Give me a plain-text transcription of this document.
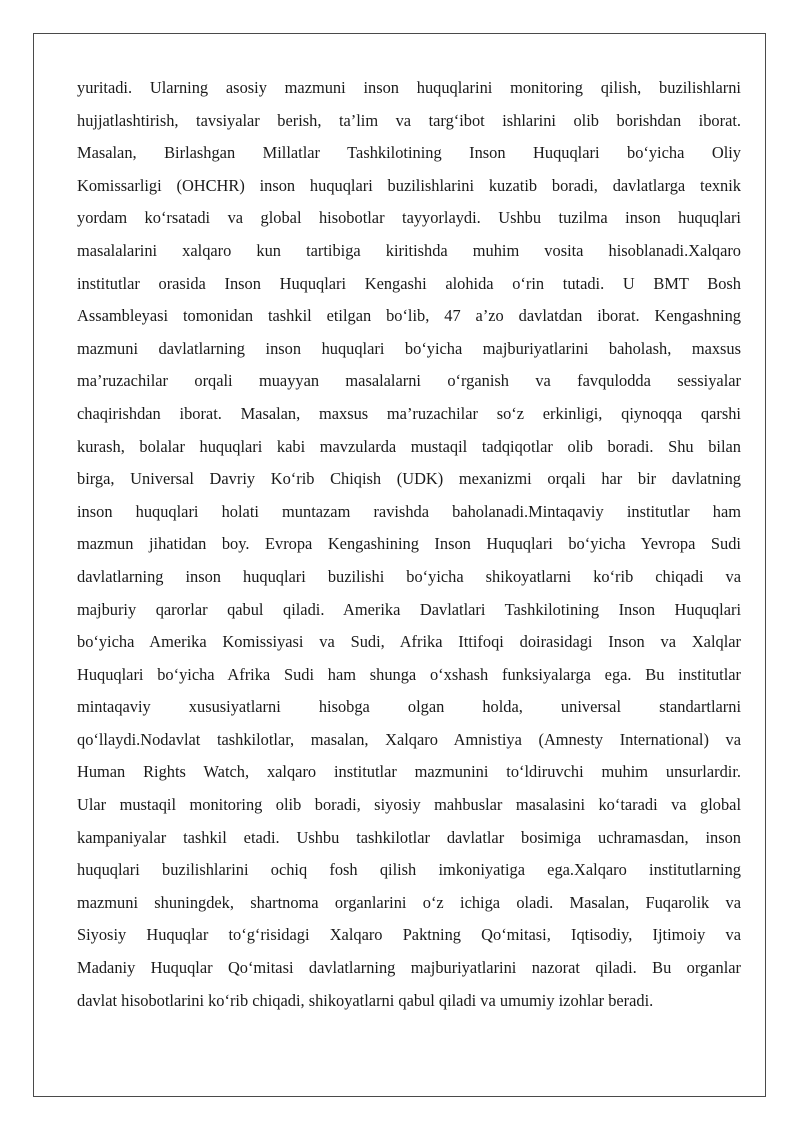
yuritadi. Ularning asosiy mazmuni inson huquqlarini monitoring qilish, buzilishlarni
hujjatlashtirish, tavsiyalar berish, ta’lim va targ‘ibot ishlarini olib borishdan iborat.
Masalan, Birlashgan Millatlar Tashkilotining Inson Huquqlari bo‘yicha Oliy
Komissarligi (OHCHR) inson huquqlari buzilishlarini kuzatib boradi, davlatlarga texnik
yordam ko‘rsatadi va global hisobotlar tayyorlaydi. Ushbu tuzilma inson huquqlari
masalalarini xalqaro kun tartibiga kiritishda muhim vosita hisoblanadi.Xalqaro
institutlar orasida Inson Huquqlari Kengashi alohida o‘rin tutadi. U BMT Bosh
Assambleyasi tomonidan tashkil etilgan bo‘lib, 47 a’zo davlatdan iborat. Kengashning
mazmuni davlatlarning inson huquqlari bo‘yicha majburiyatlarini baholash, maxsus
ma’ruzachilar orqali muayyan masalalarni o‘rganish va favqulodda sessiyalar
chaqirishdan iborat. Masalan, maxsus ma’ruzachilar so‘z erkinligi, qiynoqqa qarshi
kurash, bolalar huquqlari kabi mavzularda mustaqil tadqiqotlar olib boradi. Shu bilan
birga, Universal Davriy Ko‘rib Chiqish (UDK) mexanizmi orqali har bir davlatning
inson huquqlari holati muntazam ravishda baholanadi.Mintaqaviy institutlar ham
mazmun jihatidan boy. Evropa Kengashining Inson Huquqlari bo‘yicha Yevropa Sudi
davlatlarning inson huquqlari buzilishi bo‘yicha shikoyatlarni ko‘rib chiqadi va
majburiy qarorlar qabul qiladi. Amerika Davlatlari Tashkilotining Inson Huquqlari
bo‘yicha Amerika Komissiyasi va Sudi, Afrika Ittifoqi doirasidagi Inson va Xalqlar
Huquqlari bo‘yicha Afrika Sudi ham shunga o‘xshash funksiyalarga ega. Bu institutlar
mintaqaviy xususiyatlarni hisobga olgan holda, universal standartlarni
qo‘llaydi.Nodavlat tashkilotlar, masalan, Xalqaro Amnistiya (Amnesty International) va
Human Rights Watch, xalqaro institutlar mazmunini to‘ldiruvchi muhim unsurlardir.
Ular mustaqil monitoring olib boradi, siyosiy mahbuslar masalasini ko‘taradi va global
kampaniyalar tashkil etadi. Ushbu tashkilotlar davlatlar bosimiga uchramasdan, inson
huquqlari buzilishlarini ochiq fosh qilish imkoniyatiga ega.Xalqaro institutlarning
mazmuni shuningdek, shartnoma organlarini o‘z ichiga oladi. Masalan, Fuqarolik va
Siyosiy Huquqlar to‘g‘risidagi Xalqaro Paktning Qo‘mitasi, Iqtisodiy, Ijtimoiy va
Madaniy Huquqlar Qo‘mitasi davlatlarning majburiyatlarini nazorat qiladi. Bu organlar
davlat hisobotlarini ko‘rib chiqadi, shikoyatlarni qabul qiladi va umumiy izohlar beradi.
